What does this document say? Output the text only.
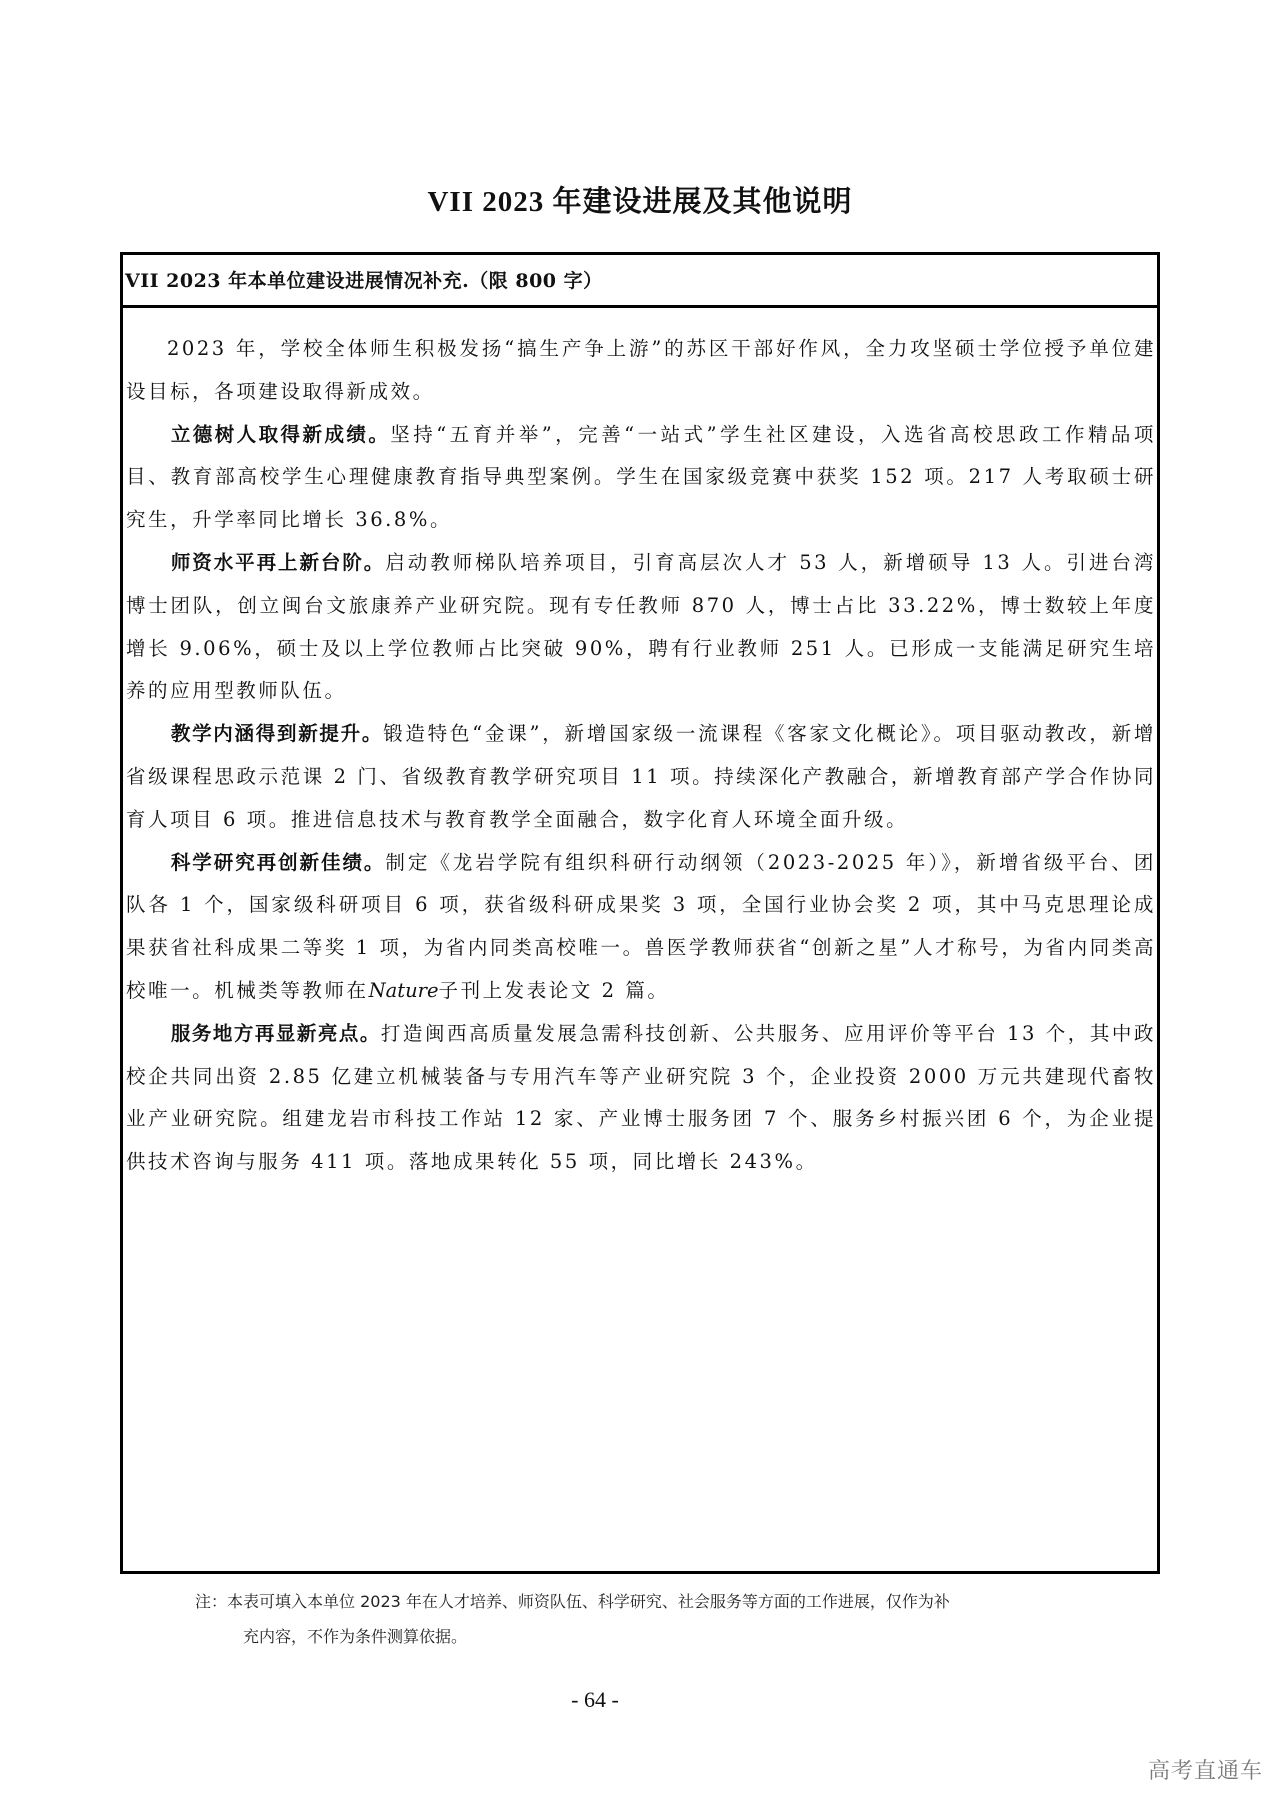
VII 2023 年建设进展及其他说明
VII 2023 年本单位建设进展情况补充.（限 800 字）

2023 年，学校全体师生积极发扬“搞生产争上游”的苏区干部好作风，全力攻坚硕士学位授予单位建设目标，各项建设取得新成效。

立德树人取得新成绩。坚持“五育并举”，完善“一站式”学生社区建设，入选省高校思政工作精品项目、教育部高校学生心理健康教育指导典型案例。学生在国家级竞赛中获奖 152 项。217 人考取硕士研究生，升学率同比增长 36.8%。

师资水平再上新台阶。启动教师梯队培养项目，引育高层次人才 53 人，新增硕导 13 人。引进台湾博士团队，创立闽台文旅康养产业研究院。现有专任教师 870 人，博士占比 33.22%，博士数较上年度增长 9.06%，硕士及以上学位教师占比突破 90%，聘有行业教师 251 人。已形成一支能满足研究生培养的应用型教师队伍。

教学内涵得到新提升。锻造特色“金课”，新增国家级一流课程《客家文化概论》。项目驱动教改，新增省级课程思政示范课 2 门、省级教育教学研究项目 11 项。持续深化产教融合，新增教育部产学合作协同育人项目 6 项。推进信息技术与教育教学全面融合，数字化育人环境全面升级。

科学研究再创新佳绩。制定《龙岩学院有组织科研行动纲领（2023-2025 年）》，新增省级平台、团队各 1 个，国家级科研项目 6 项，获省级科研成果奖 3 项，全国行业协会奖 2 项，其中马克思理论成果获省社科成果二等奖 1 项，为省内同类高校唯一。兽医学教师获省“创新之星”人才称号，为省内同类高校唯一。机械类等教师在Nature子刊上发表论文 2 篇。

服务地方再显新亮点。打造闽西高质量发展急需科技创新、公共服务、应用评价等平台 13 个，其中政校企共同出资 2.85 亿建立机械装备与专用汽车等产业研究院 3 个，企业投资 2000 万元共建现代畜牧业产业研究院。组建龙岩市科技工作站 12 家、产业博士服务团 7 个、服务乡村振兴团 6 个，为企业提供技术咨询与服务 411 项。落地成果转化 55 项，同比增长 243%。

注：本表可填入本单位 2023 年在人才培养、师资队伍、科学研究、社会服务等方面的工作进展，仅作为补
充内容，不作为条件测算依据。
- 64 -
高考直通车
